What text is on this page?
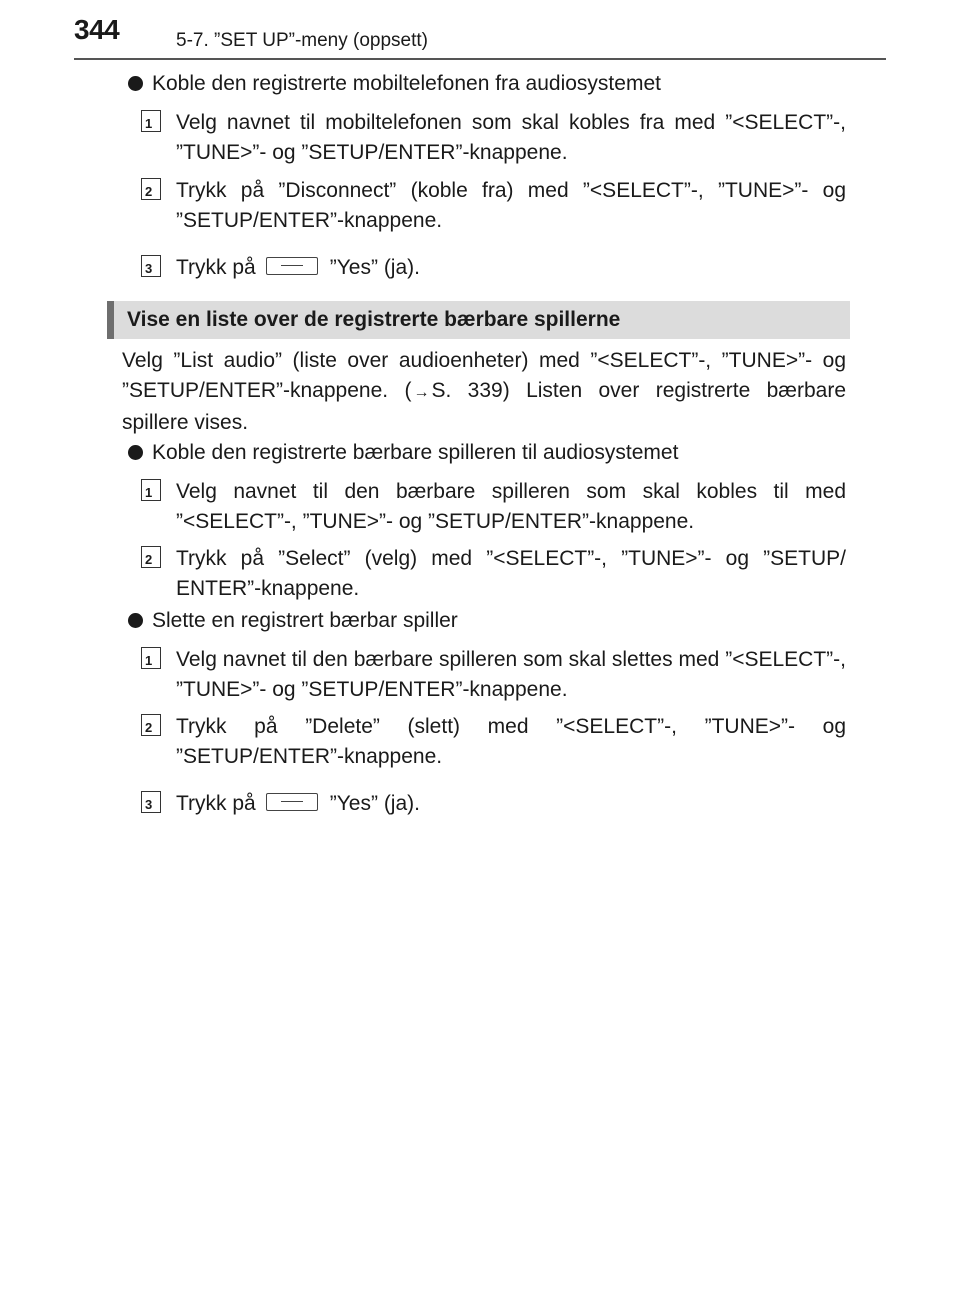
344	5-7. ”SET UP”-meny (oppsett)
Koble den registrerte mobiltelefonen fra audiosystemet
1	Velg navnet til mobiltelefonen som skal kobles fra med ”<SELECT”-, ”TUNE>”- og ”SETUP/ENTER”-knappene.
2	Trykk på ”Disconnect” (koble fra) med ”<SELECT”-, ”TUNE>”- og ”SETUP/ENTER”-knappene.
3	Trykk på	”Yes” (ja).
Vise en liste over de registrerte bærbare spillerne
Velg ”List audio” (liste over audioenheter) med ”<SELECT”-, ”TUNE>”- og ”SETUP/ENTER”-knappene. ( →S. 339) Listen over registrerte bærbare spillere vises.
Koble den registrerte bærbare spilleren til audiosystemet
1	Velg navnet til den bærbare spilleren som skal kobles til med ”<SELECT”-, ”TUNE>”- og ”SETUP/ENTER”-knappene.
2	Trykk på ”Select” (velg) med ”<SELECT”-, ”TUNE>”- og ”SETUP/ ENTER”-knappene.
Slette en registrert bærbar spiller
1	Velg navnet til den bærbare spilleren som skal slettes med ”<SELECT”-, ”TUNE>”- og ”SETUP/ENTER”-knappene.
2	Trykk på ”Delete” (slett) med ”<SELECT”-, ”TUNE>”- og ”SETUP/ENTER”-knappene.
3	Trykk på	”Yes” (ja).
